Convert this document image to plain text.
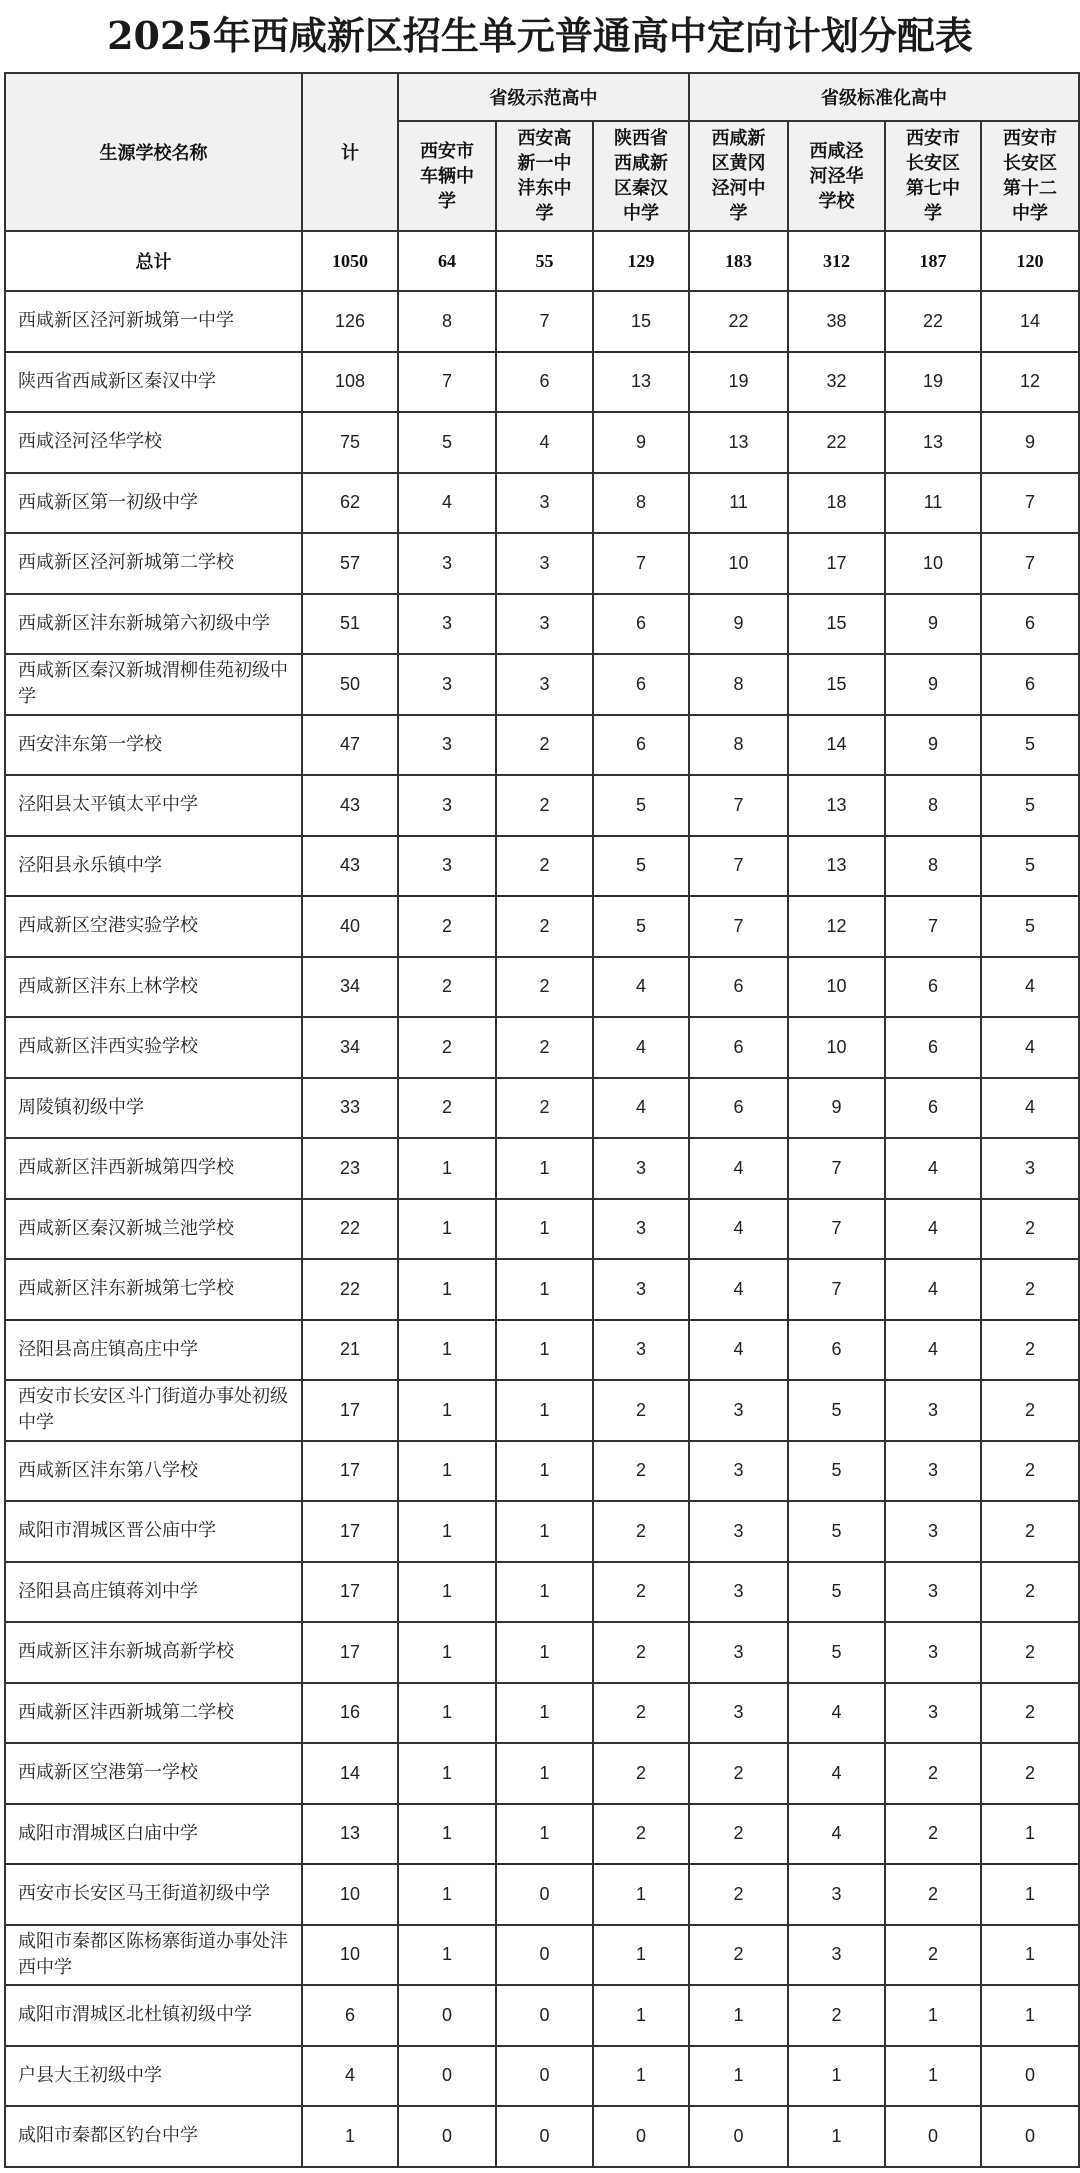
2025年西咸新区招生单元普通高中定向计划分配表
生源学校名称	计	省级示范高中			省级标准化高中			
		西安市车辆中学	西安高新一中沣东中学	陕西省西咸新区秦汉中学	西咸新区黄冈泾河中学	西咸泾河泾华学校	西安市长安区第七中学	西安市长安区第十二中学
总计	1050	64	55	129	183	312	187	120
西咸新区泾河新城第一中学	126	8	7	15	22	38	22	14
陕西省西咸新区秦汉中学	108	7	6	13	19	32	19	12
西咸泾河泾华学校	75	5	4	9	13	22	13	9
西咸新区第一初级中学	62	4	3	8	11	18	11	7
西咸新区泾河新城第二学校	57	3	3	7	10	17	10	7
西咸新区沣东新城第六初级中学	51	3	3	6	9	15	9	6
西咸新区秦汉新城渭柳佳苑初级中学	50	3	3	6	8	15	9	6
西安沣东第一学校	47	3	2	6	8	14	9	5
泾阳县太平镇太平中学	43	3	2	5	7	13	8	5
泾阳县永乐镇中学	43	3	2	5	7	13	8	5
西咸新区空港实验学校	40	2	2	5	7	12	7	5
西咸新区沣东上林学校	34	2	2	4	6	10	6	4
西咸新区沣西实验学校	34	2	2	4	6	10	6	4
周陵镇初级中学	33	2	2	4	6	9	6	4
西咸新区沣西新城第四学校	23	1	1	3	4	7	4	3
西咸新区秦汉新城兰池学校	22	1	1	3	4	7	4	2
西咸新区沣东新城第七学校	22	1	1	3	4	7	4	2
泾阳县高庄镇高庄中学	21	1	1	3	4	6	4	2
西安市长安区斗门街道办事处初级中学	17	1	1	2	3	5	3	2
西咸新区沣东第八学校	17	1	1	2	3	5	3	2
咸阳市渭城区晋公庙中学	17	1	1	2	3	5	3	2
泾阳县高庄镇蒋刘中学	17	1	1	2	3	5	3	2
西咸新区沣东新城高新学校	17	1	1	2	3	5	3	2
西咸新区沣西新城第二学校	16	1	1	2	3	4	3	2
西咸新区空港第一学校	14	1	1	2	2	4	2	2
咸阳市渭城区白庙中学	13	1	1	2	2	4	2	1
西安市长安区马王街道初级中学	10	1	0	1	2	3	2	1
咸阳市秦都区陈杨寨街道办事处沣西中学	10	1	0	1	2	3	2	1
咸阳市渭城区北杜镇初级中学	6	0	0	1	1	2	1	1
户县大王初级中学	4	0	0	1	1	1	1	0
咸阳市秦都区钓台中学	1	0	0	0	0	1	0	0
